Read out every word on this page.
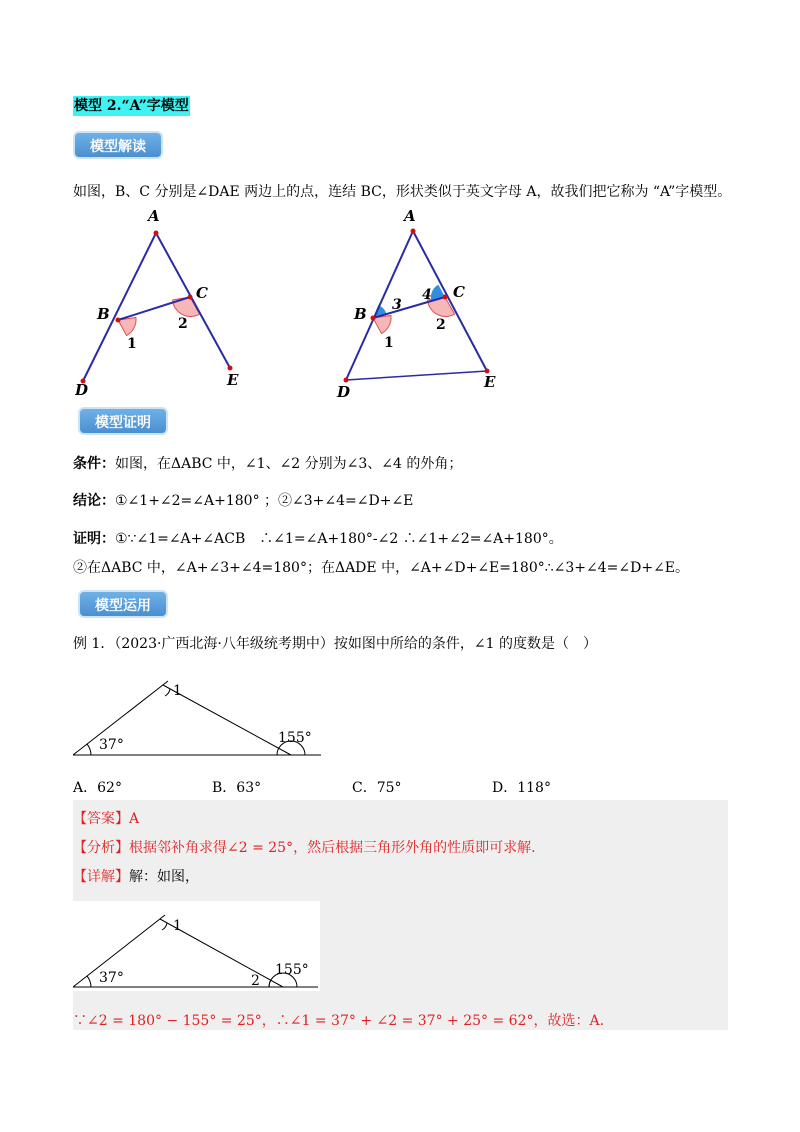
模型 2.“A”字模型
模型解读
如图，B、C 分别是∠DAE 两边上的点，连结 BC，形状类似于英文字母 A，故我们把它称为 “A”字模型。
A
B
C
D
E
1
2
A
B
C
D
E
1
2
3
4
模型证明
条件：如图，在ΔABC 中，∠1、∠2 分别为∠3、∠4 的外角；
结论：①∠1+∠2=∠A+180° ；②∠3+∠4=∠D+∠E
证明：①∵∠1=∠A+∠ACB　∴∠1=∠A+180°-∠2 ∴∠1+∠2=∠A+180°。
②在ΔABC 中，∠A+∠3+∠4=180°；在ΔADE 中，∠A+∠D+∠E=180°∴∠3+∠4=∠D+∠E。
模型运用
例 1．（2023·广西北海·八年级统考期中）按如图中所给的条件，∠1 的度数是（　）
37°
1
155°
A．62°	B．63°	C．75°	D．118°
【答案】A
【分析】根据邻补角求得∠2 = 25°，然后根据三角形外角的性质即可求解.
【详解】解：如图，
37°
1
2
155°
∵∠2 = 180° − 155° = 25°，∴∠1 = 37° + ∠2 = 37° + 25° = 62°，故选：A.
